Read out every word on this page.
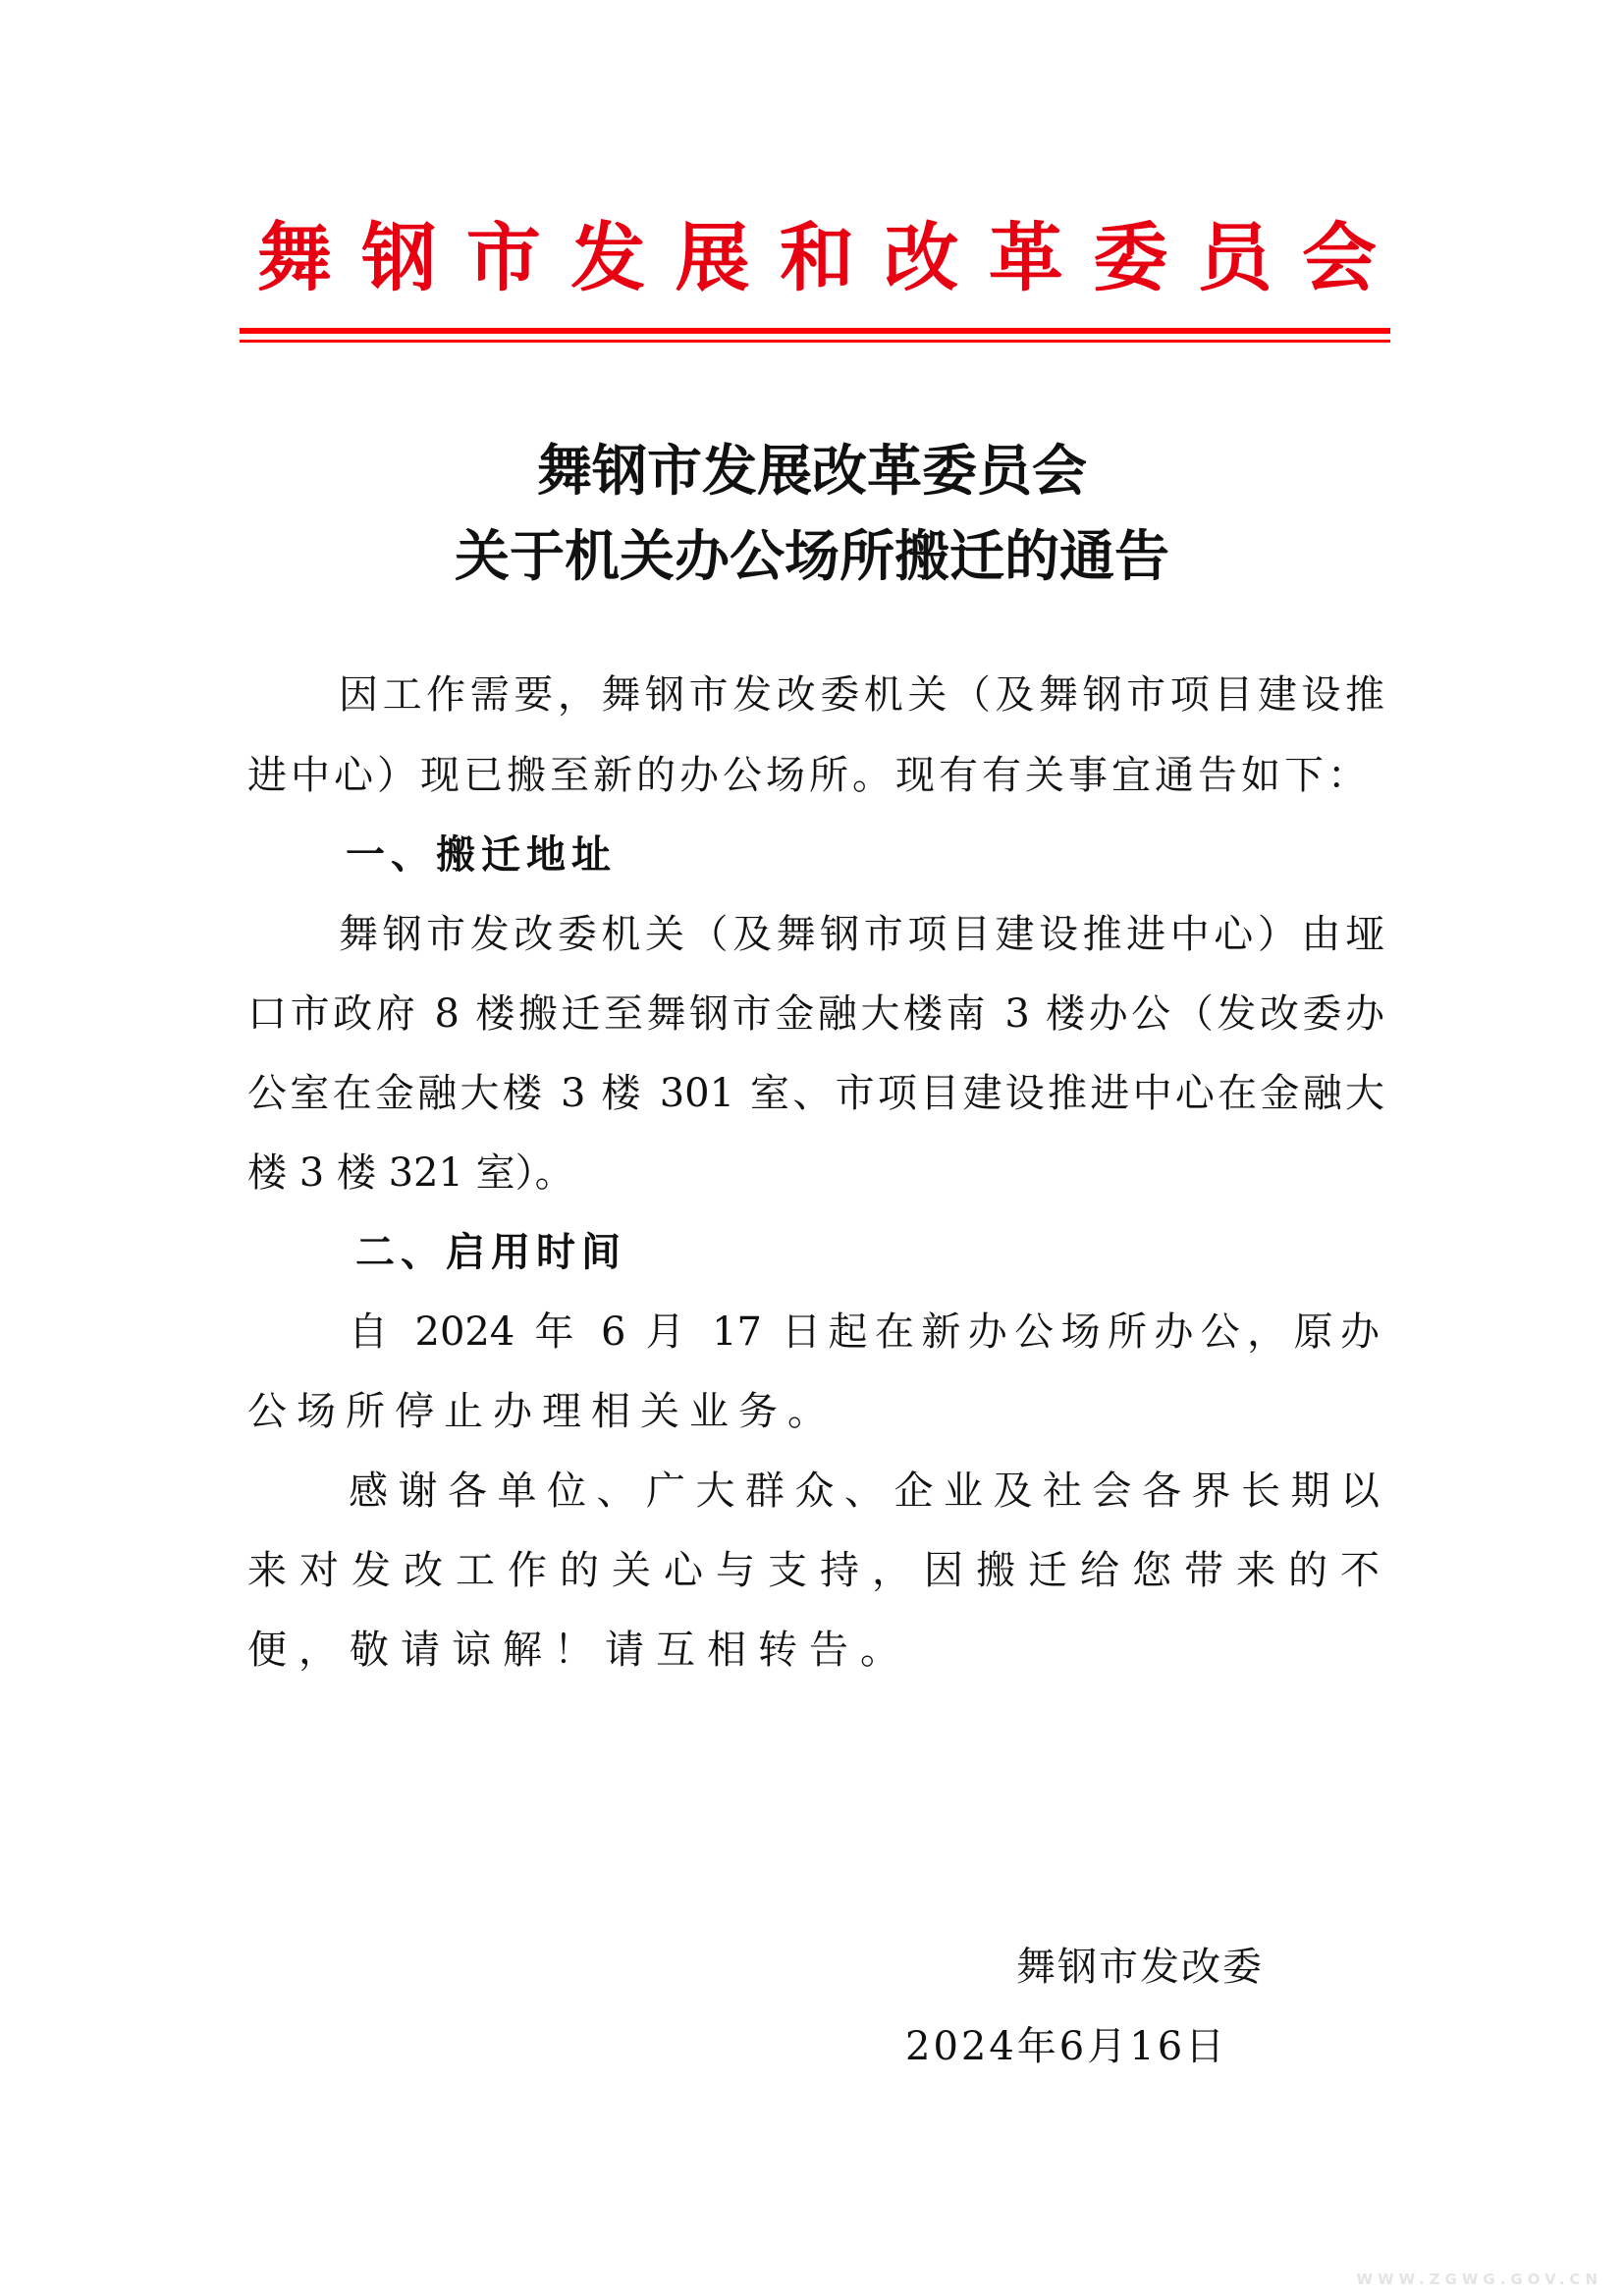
舞钢市发展和改革委员会
舞钢市发展改革委员会
关于机关办公场所搬迁的通告
因工作需要，舞钢市发改委机关（及舞钢市项目建设推
进中心）现已搬至新的办公场所。现有有关事宜通告如下：
一、搬迁地址
舞钢市发改委机关（及舞钢市项目建设推进中心）由垭
口市政府 8 楼搬迁至舞钢市金融大楼南 3 楼办公（发改委办
公室在金融大楼 3 楼 301 室、市项目建设推进中心在金融大
楼 3 楼 321 室）。
二、启用时间
自 2024 年 6 月 17 日起在新办公场所办公，原办
公场所停止办理相关业务。
感谢各单位、广大群众、企业及社会各界长期以
来对发改工作的关心与支持，因搬迁给您带来的不
便，敬请谅解！请互相转告。
舞钢市发改委
2024年6月16日
WWW.ZGWG.GOV.CN
